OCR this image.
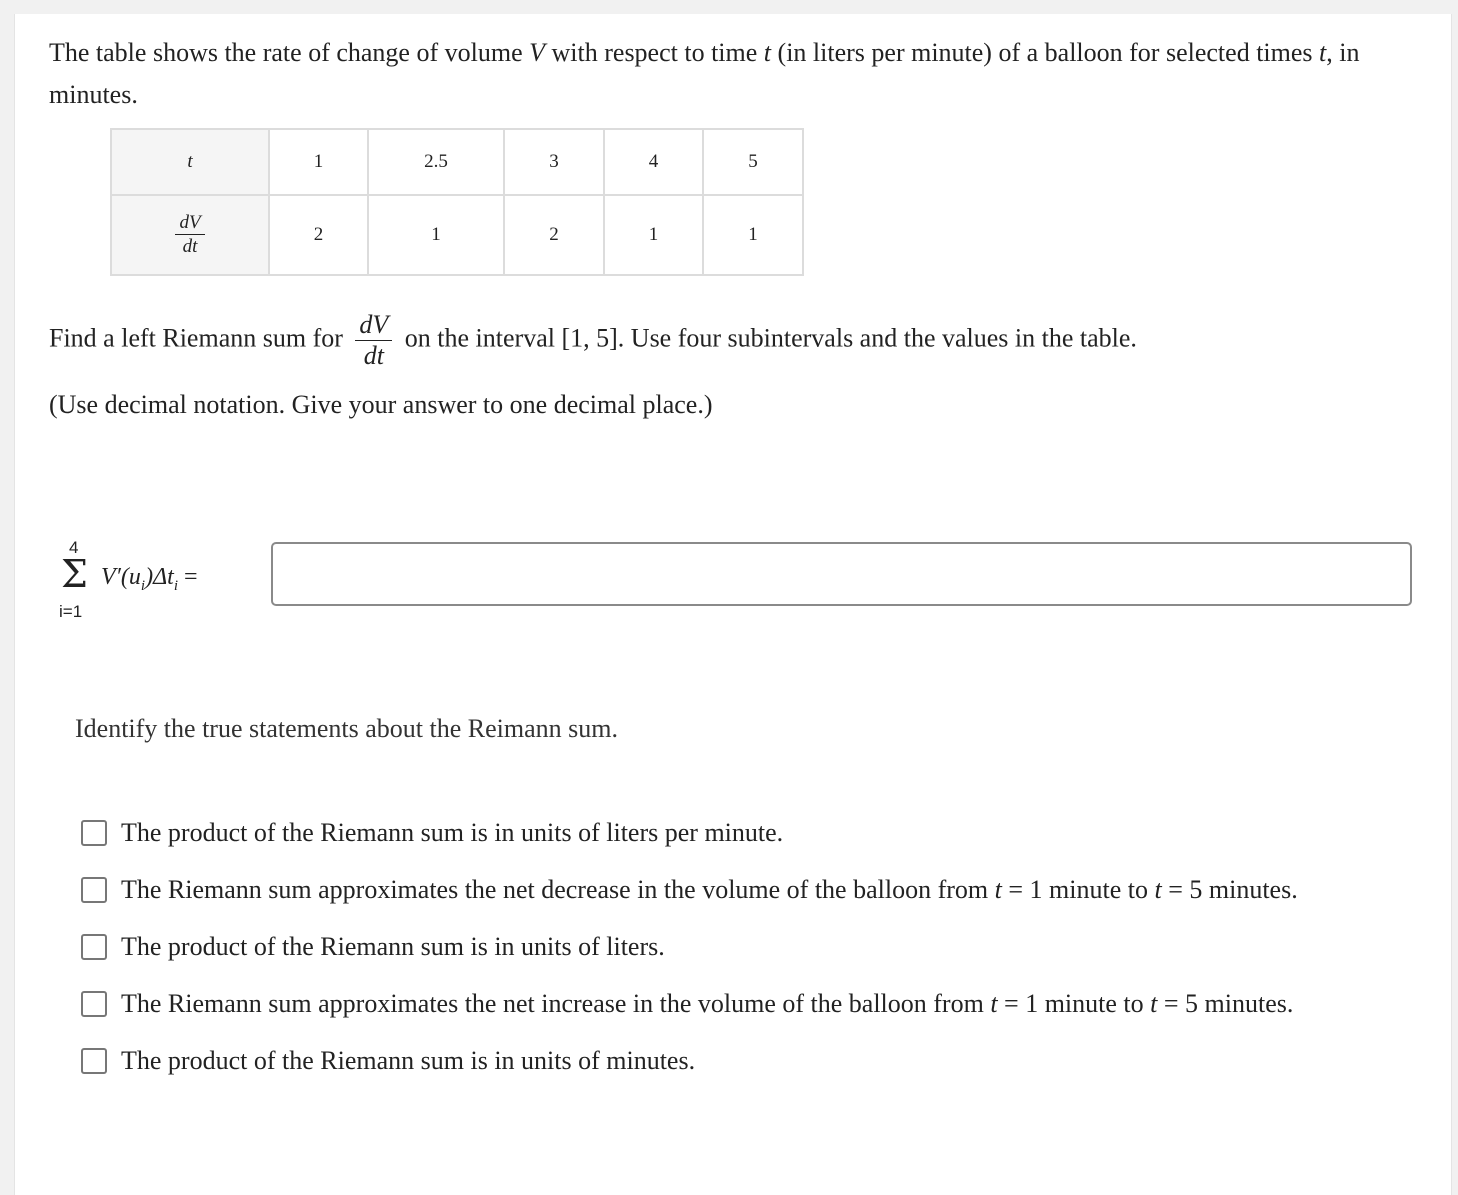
The table shows the rate of change of volume V with respect to time t (in liters per minute) of a balloon for selected times t, in minutes.
t	1	2.5	3	4	5

$\frac{dV}{dt}$	2	1	2	1	1
Find a left Riemann sum for $\frac{dV}{dt}$ on the interval [1, 5]. Use four subintervals and the values in the table.
(Use decimal notation. Give your answer to one decimal place.)
4
Σ
i=1
$V'(u_i)\Delta t_i$ =
Identify the true statements about the Reimann sum.
The product of the Riemann sum is in units of liters per minute.
The Riemann sum approximates the net decrease in the volume of the balloon from t = 1 minute to t = 5 minutes.
The product of the Riemann sum is in units of liters.
The Riemann sum approximates the net increase in the volume of the balloon from t = 1 minute to t = 5 minutes.
The product of the Riemann sum is in units of minutes.
